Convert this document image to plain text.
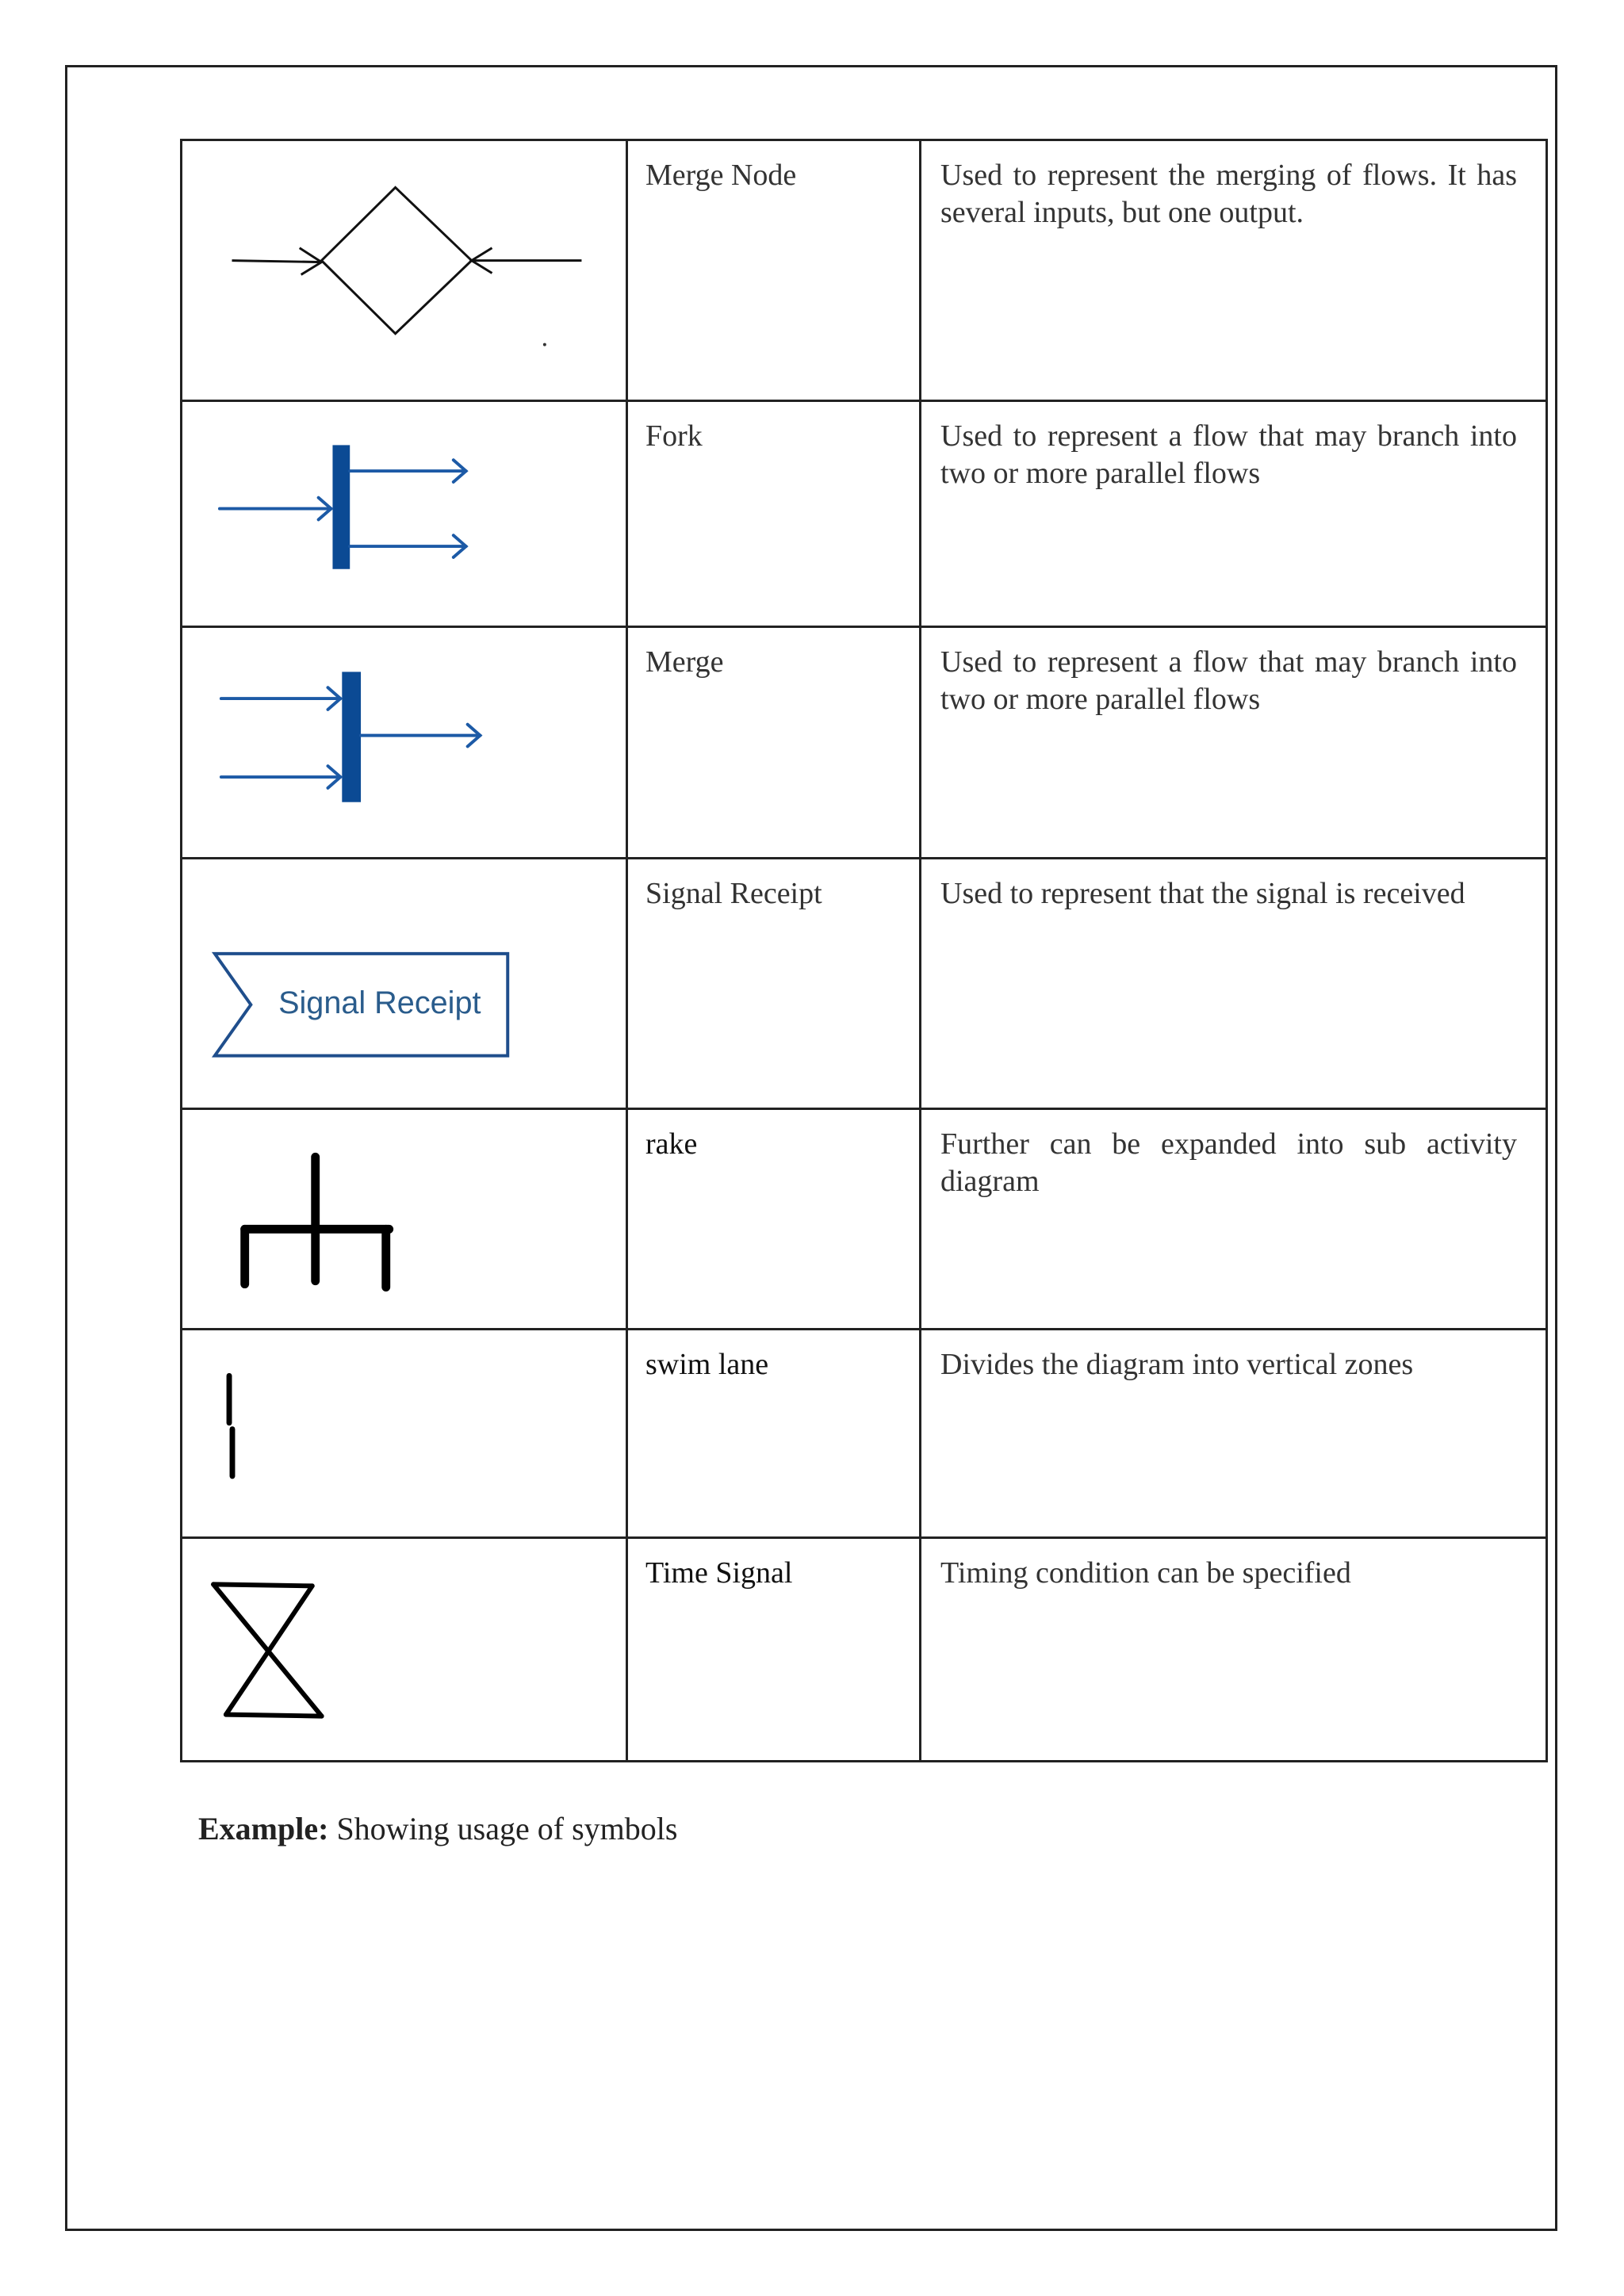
	Merge Node	Used to represent the merging of flows. It has several inputs, but one output.

	Fork	Used to represent a flow that may branch into two or more parallel flows

	Merge	Used to represent a flow that may branch into two or more parallel flows

Signal Receipt	Signal Receipt	Used to represent that the signal is received

	rake	Further can be expanded into sub activity diagram

	swim lane	Divides the diagram into vertical zones

	Time Signal	Timing condition can be specified
Example: Showing usage of symbols
